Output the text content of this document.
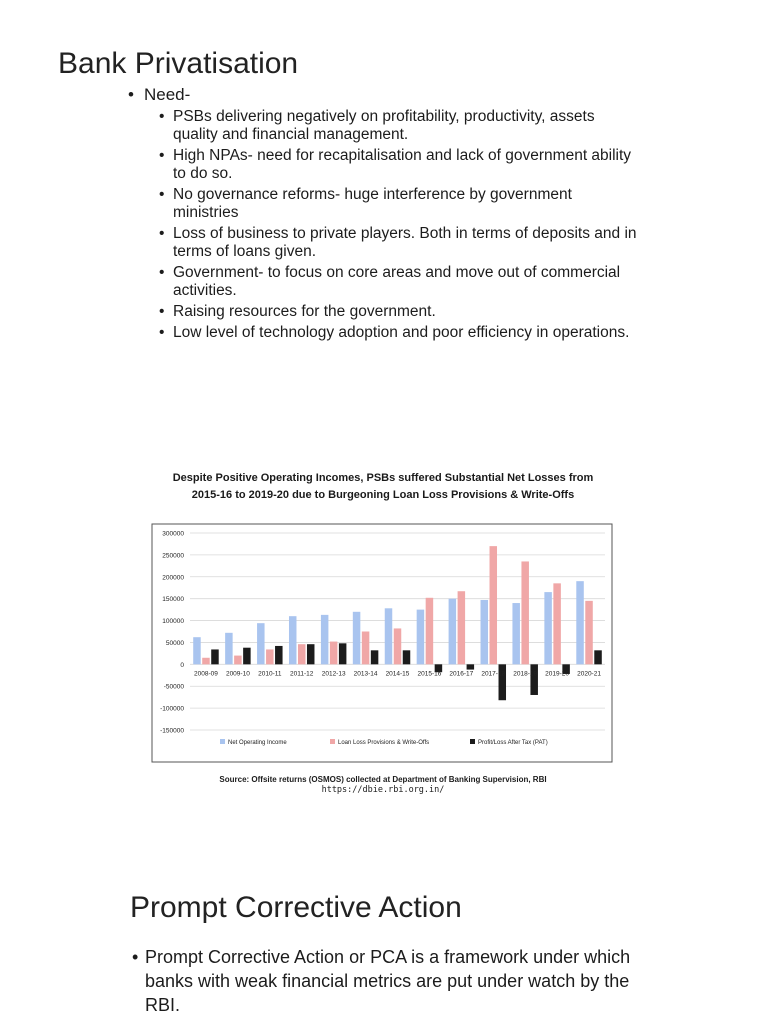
Bank Privatisation
• Need-
• PSBs delivering negatively on profitability, productivity, assets quality and financial management.
• High NPAs- need for recapitalisation and lack of government ability to do so.
• No governance reforms- huge interference by government ministries
• Loss of business to private players. Both in terms of deposits and in terms of loans given.
• Government- to focus on core areas and move out of commercial activities.
• Raising resources for the government.
• Low level of technology adoption and poor efficiency in operations.
Despite Positive Operating Incomes, PSBs suffered Substantial Net Losses from
2015-16 to 2019-20 due to Burgeoning Loan Loss Provisions & Write-Offs
300000
250000
200000
150000
100000
50000
0
-50000
-100000
-150000
2008-09 2009-10 2010-11 2011-12 2012-13 2013-14 2014-15 2015-16 2016-17 2017-18 2018-19 2019-20 2020-21
Net Operating Income	Loan Loss Provisions & Write-Offs	Profit/Loss After Tax (PAT)
Source: Offsite returns (OSMOS) collected at Department of Banking Supervision, RBI
https://dbie.rbi.org.in/
Prompt Corrective Action
• Prompt Corrective Action or PCA is a framework under which banks with weak financial metrics are put under watch by the RBI.
